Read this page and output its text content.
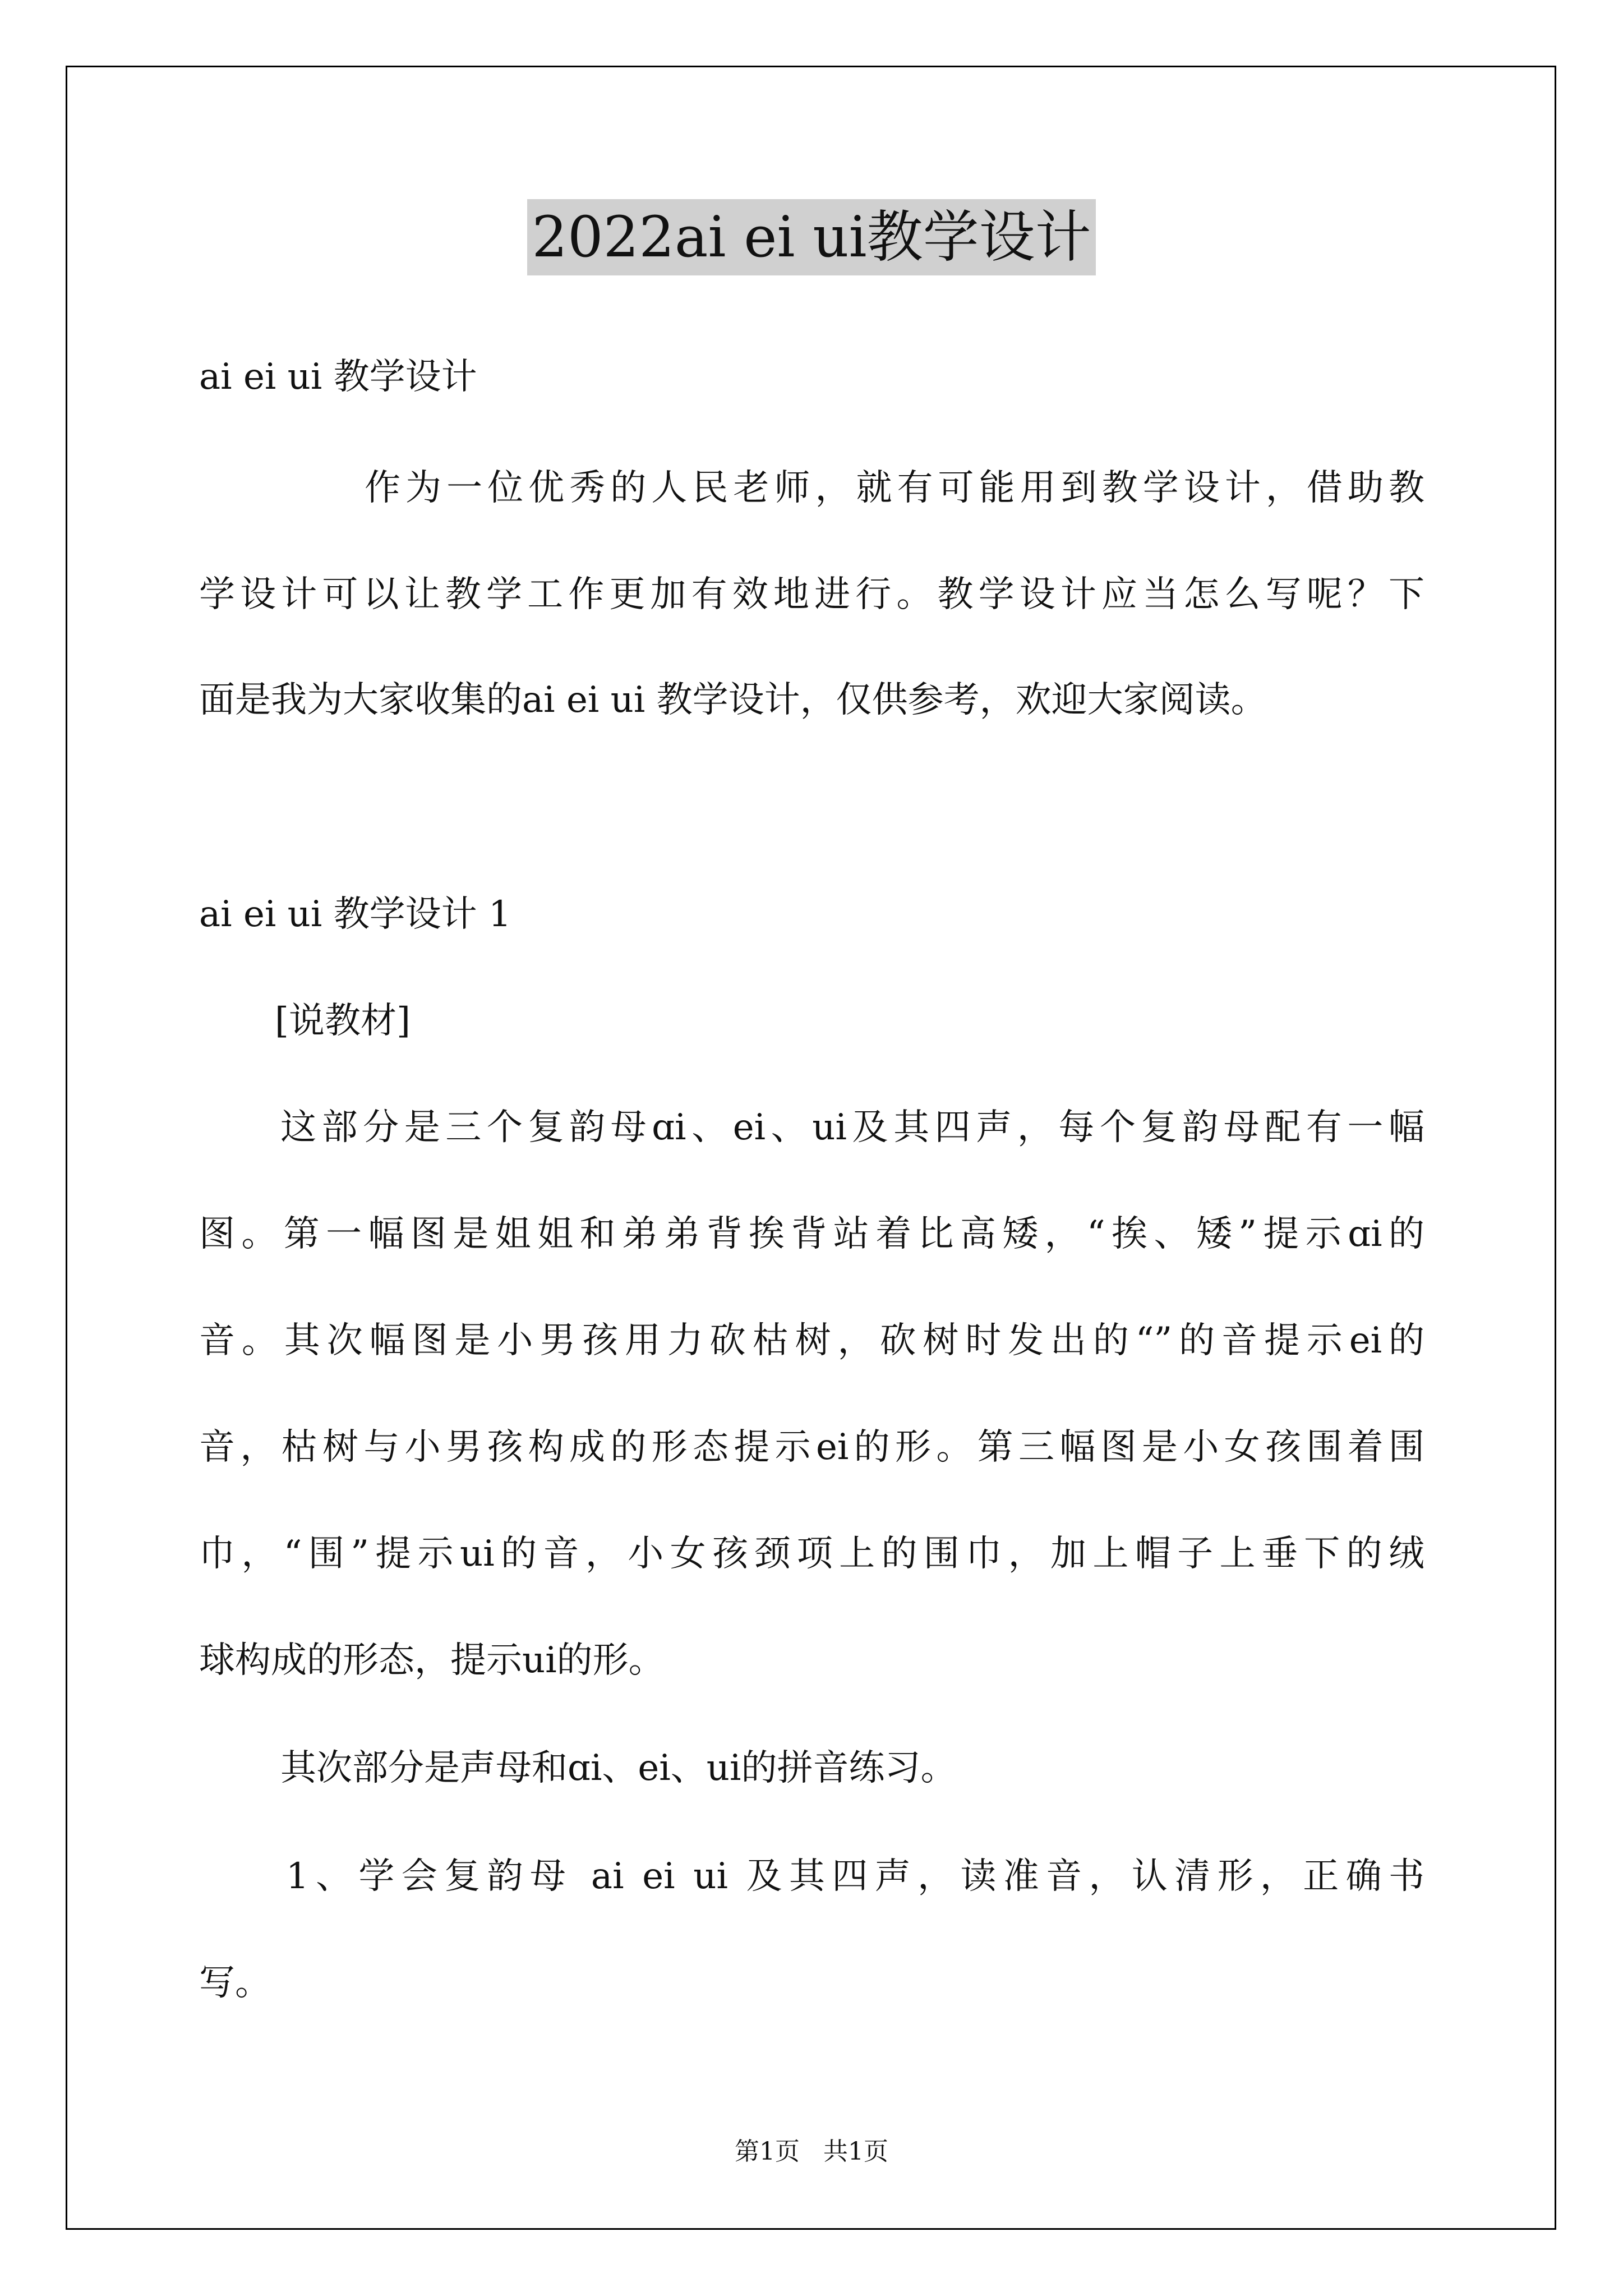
2022ai ei ui教学设计
ai ei ui 教学设计
作为一位优秀的人民老师，就有可能用到教学设计，借助教
学设计可以让教学工作更加有效地进行。教学设计应当怎么写呢？下
面是我为大家收集的ai ei ui 教学设计，仅供参考，欢迎大家阅读。
ai ei ui 教学设计 1
[说教材]
这部分是三个复韵母ɑi、ei、ui及其四声，每个复韵母配有一幅
图。第一幅图是姐姐和弟弟背挨背站着比高矮，“挨、矮”提示ɑi的
音。其次幅图是小男孩用力砍枯树，砍树时发出的“”的音提示ei的
音，枯树与小男孩构成的形态提示ei的形。第三幅图是小女孩围着围
巾，“围”提示ui的音，小女孩颈项上的围巾，加上帽子上垂下的绒
球构成的形态，提示ui的形。
其次部分是声母和ɑi、ei、ui的拼音练习。
1、学会复韵母 ai ei ui 及其四声，读准音，认清形，正确书
写。
第1页   共1页
